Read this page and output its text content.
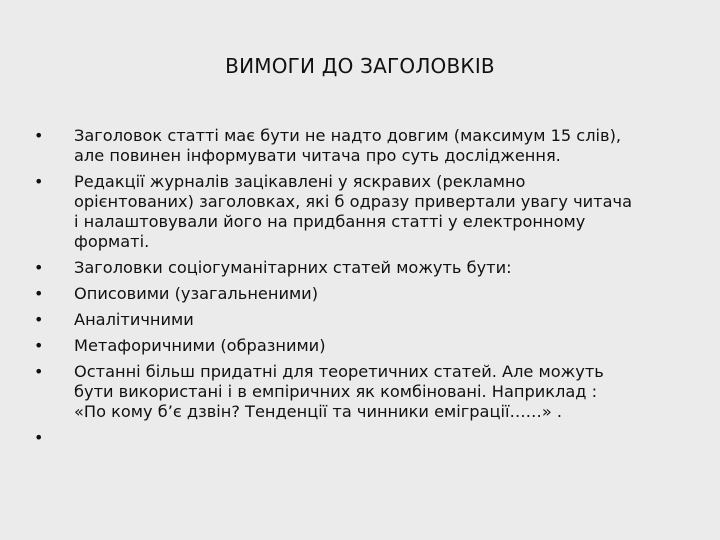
ВИМОГИ ДО ЗАГОЛОВКІВ
• Заголовок статті має бути не надто довгим (максимум 15 слів),
але повинен інформувати читача про суть дослідження.
• Редакції журналів зацікавлені у яскравих (рекламно
орієнтованих) заголовках, які б одразу привертали увагу читача
і налаштовували його на придбання статті у електронному
форматі.
• Заголовки соціогуманітарних статей можуть бути:
• Описовими (узагальненими)
• Аналітичними
• Метафоричними (образними)
• Останні більш придатні для теоретичних статей. Але можуть
бути використані і в емпіричних як комбіновані. Наприклад :
«По кому б’є дзвін? Тенденції та чинники еміграції……» .
•
